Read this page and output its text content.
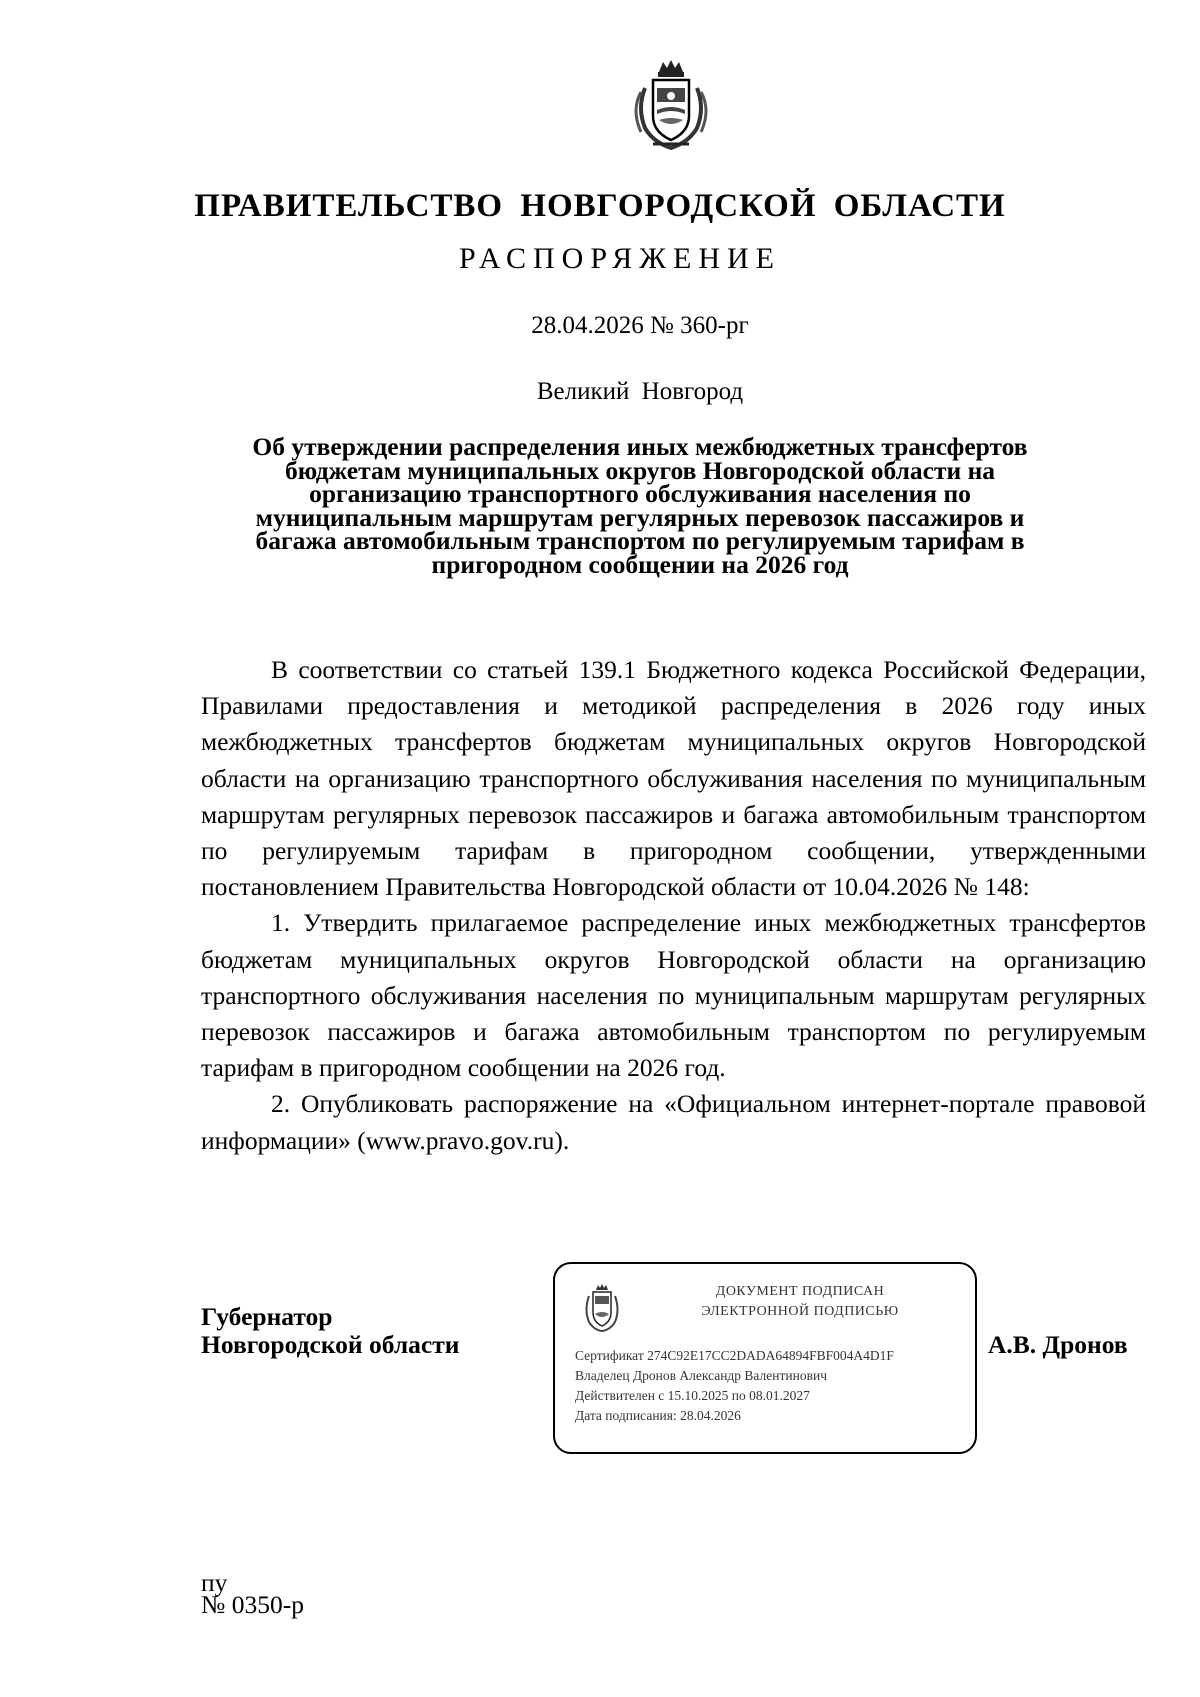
ПРАВИТЕЛЬСТВО НОВГОРОДСКОЙ ОБЛАСТИ
РАСПОРЯЖЕНИЕ
28.04.2026 № 360-рг
Великий Новгород
Об утверждении распределения иных межбюджетных трансфертов
бюджетам муниципальных округов Новгородской области на
организацию транспортного обслуживания населения по
муниципальным маршрутам регулярных перевозок пассажиров и
багажа автомобильным транспортом по регулируемым тарифам в
пригородном сообщении на 2026 год

В соответствии со статьей 139.1 Бюджетного кодекса Российской Федерации, Правилами предоставления и методикой распределения в 2026 году иных межбюджетных трансфертов бюджетам муниципальных округов Новгородской области на организацию транспортного обслуживания населения по муниципальным маршрутам регулярных перевозок пассажиров и багажа автомобильным транспортом по регулируемым тарифам в пригородном сообщении, утвержденными постановлением Правительства Новгородской области от 10.04.2026 № 148:

1. Утвердить прилагаемое распределение иных межбюджетных трансфертов бюджетам муниципальных округов Новгородской области на организацию транспортного обслуживания населения по муниципальным маршрутам регулярных перевозок пассажиров и багажа автомобильным транспортом по регулируемым тарифам в пригородном сообщении на 2026 год.

2. Опубликовать распоряжение на «Официальном интернет-портале правовой информации» (www.pravo.gov.ru).

Губернатор
Новгородской области
ДОКУМЕНТ ПОДПИСАН
ЭЛЕКТРОННОЙ ПОДПИСЬЮ
Сертификат 274C92E17CC2DADA64894FBF004A4D1F
Владелец Дронов Александр Валентинович
Действителен с 15.10.2025 по 08.01.2027
Дата подписания: 28.04.2026
А.В. Дронов
пу
№ 0350-р
